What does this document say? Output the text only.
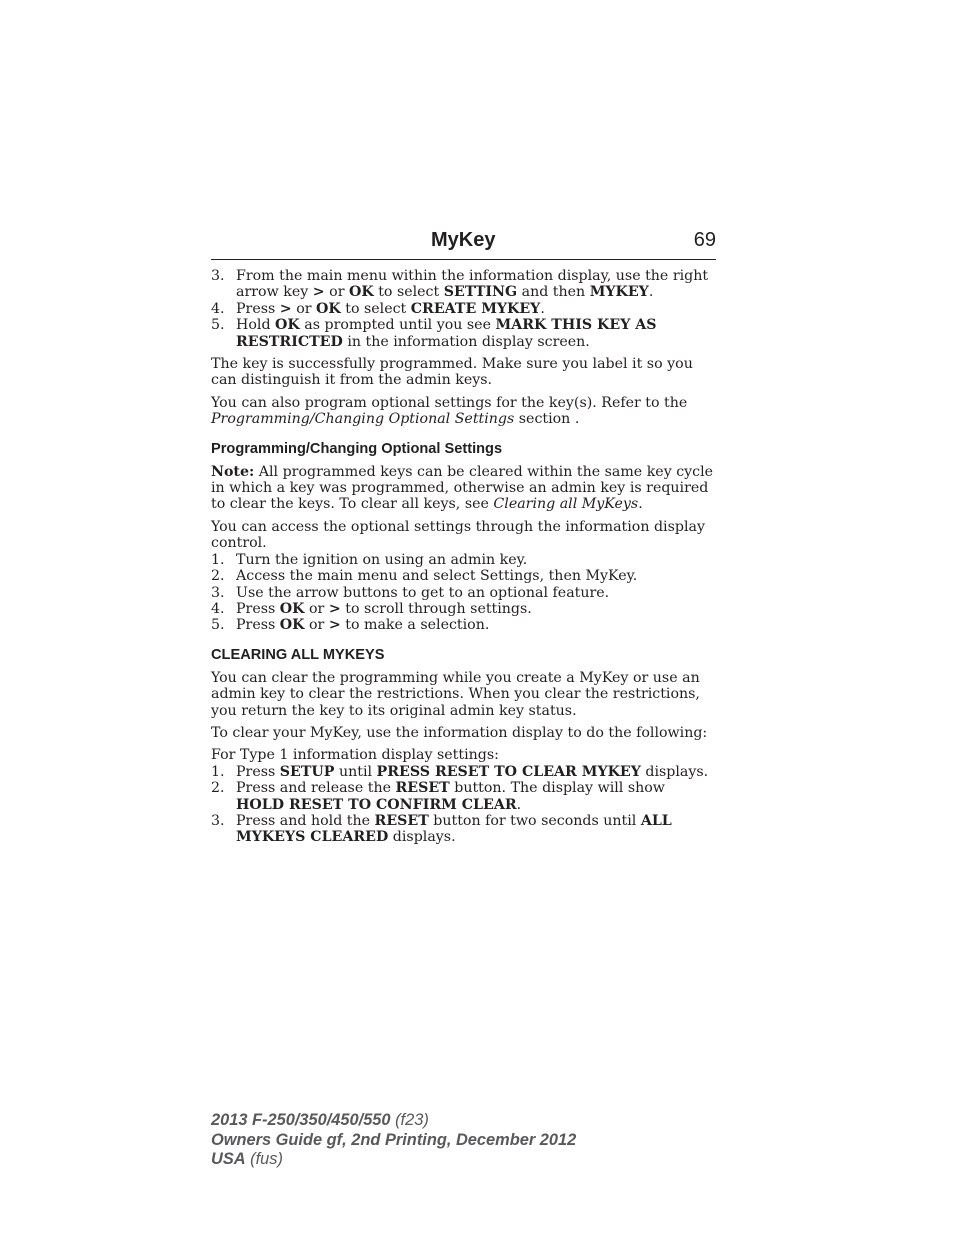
MyKey	69
3. From the main menu within the information display, use the right arrow key > or OK to select SETTING and then MYKEY.
4. Press > or OK to select CREATE MYKEY.
5. Hold OK as prompted until you see MARK THIS KEY AS RESTRICTED in the information display screen.

The key is successfully programmed. Make sure you label it so you can distinguish it from the admin keys.

You can also program optional settings for the key(s). Refer to the Programming/Changing Optional Settings section .

Programming/Changing Optional Settings

Note: All programmed keys can be cleared within the same key cycle in which a key was programmed, otherwise an admin key is required to clear the keys. To clear all keys, see Clearing all MyKeys.

You can access the optional settings through the information display control.

1. Turn the ignition on using an admin key.
2. Access the main menu and select Settings, then MyKey.
3. Use the arrow buttons to get to an optional feature.
4. Press OK or > to scroll through settings.
5. Press OK or > to make a selection.
CLEARING ALL MYKEYS

You can clear the programming while you create a MyKey or use an admin key to clear the restrictions. When you clear the restrictions, you return the key to its original admin key status.

To clear your MyKey, use the information display to do the following:

For Type 1 information display settings:

1. Press SETUP until PRESS RESET TO CLEAR MYKEY displays.
2. Press and release the RESET button. The display will show HOLD RESET TO CONFIRM CLEAR.
3. Press and hold the RESET button for two seconds until ALL MYKEYS CLEARED displays.
2013 F-250/350/450/550 (f23)
Owners Guide gf, 2nd Printing, December 2012
USA (fus)
